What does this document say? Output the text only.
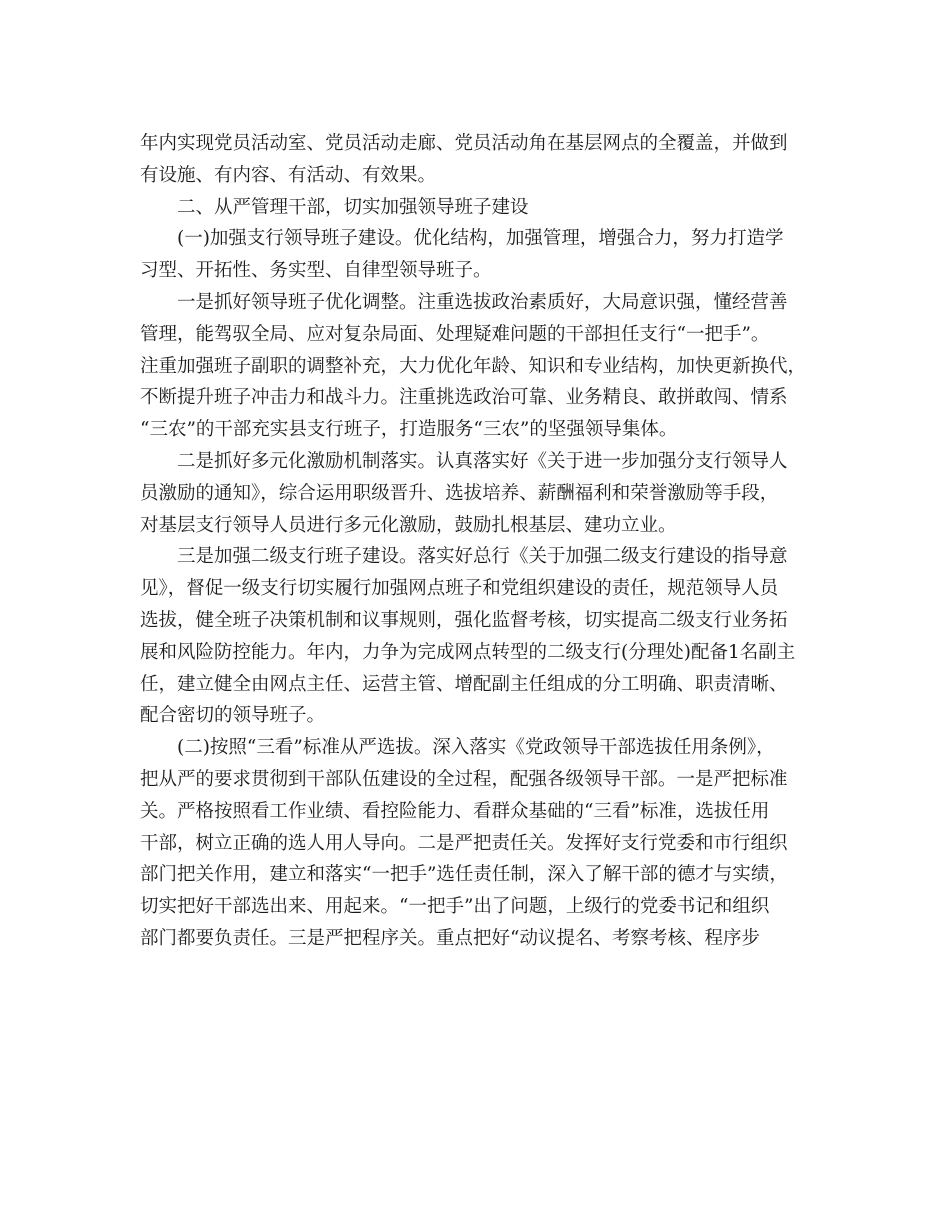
年内实现党员活动室、党员活动走廊、党员活动角在基层网点的全覆盖，并做到
有设施、有内容、有活动、有效果。
二、从严管理干部，切实加强领导班子建设
(一)加强支行领导班子建设。优化结构，加强管理，增强合力，努力打造学
习型、开拓性、务实型、自律型领导班子。
一是抓好领导班子优化调整。注重选拔政治素质好，大局意识强，懂经营善
管理，能驾驭全局、应对复杂局面、处理疑难问题的干部担任支行“一把手”。
注重加强班子副职的调整补充，大力优化年龄、知识和专业结构，加快更新换代，
不断提升班子冲击力和战斗力。注重挑选政治可靠、业务精良、敢拼敢闯、情系
“三农”的干部充实县支行班子，打造服务“三农”的坚强领导集体。
二是抓好多元化激励机制落实。认真落实好《关于进一步加强分支行领导人
员激励的通知》，综合运用职级晋升、选拔培养、薪酬福利和荣誉激励等手段，
对基层支行领导人员进行多元化激励，鼓励扎根基层、建功立业。
三是加强二级支行班子建设。落实好总行《关于加强二级支行建设的指导意
见》，督促一级支行切实履行加强网点班子和党组织建设的责任，规范领导人员
选拔，健全班子决策机制和议事规则，强化监督考核，切实提高二级支行业务拓
展和风险防控能力。年内，力争为完成网点转型的二级支行(分理处)配备1名副主
任，建立健全由网点主任、运营主管、增配副主任组成的分工明确、职责清晰、
配合密切的领导班子。
(二)按照“三看”标准从严选拔。深入落实《党政领导干部选拔任用条例》，
把从严的要求贯彻到干部队伍建设的全过程，配强各级领导干部。一是严把标准
关。严格按照看工作业绩、看控险能力、看群众基础的“三看”标准，选拔任用
干部，树立正确的选人用人导向。二是严把责任关。发挥好支行党委和市行组织
部门把关作用，建立和落实“一把手”选任责任制，深入了解干部的德才与实绩，
切实把好干部选出来、用起来。“一把手”出了问题，上级行的党委书记和组织
部门都要负责任。三是严把程序关。重点把好“动议提名、考察考核、程序步
